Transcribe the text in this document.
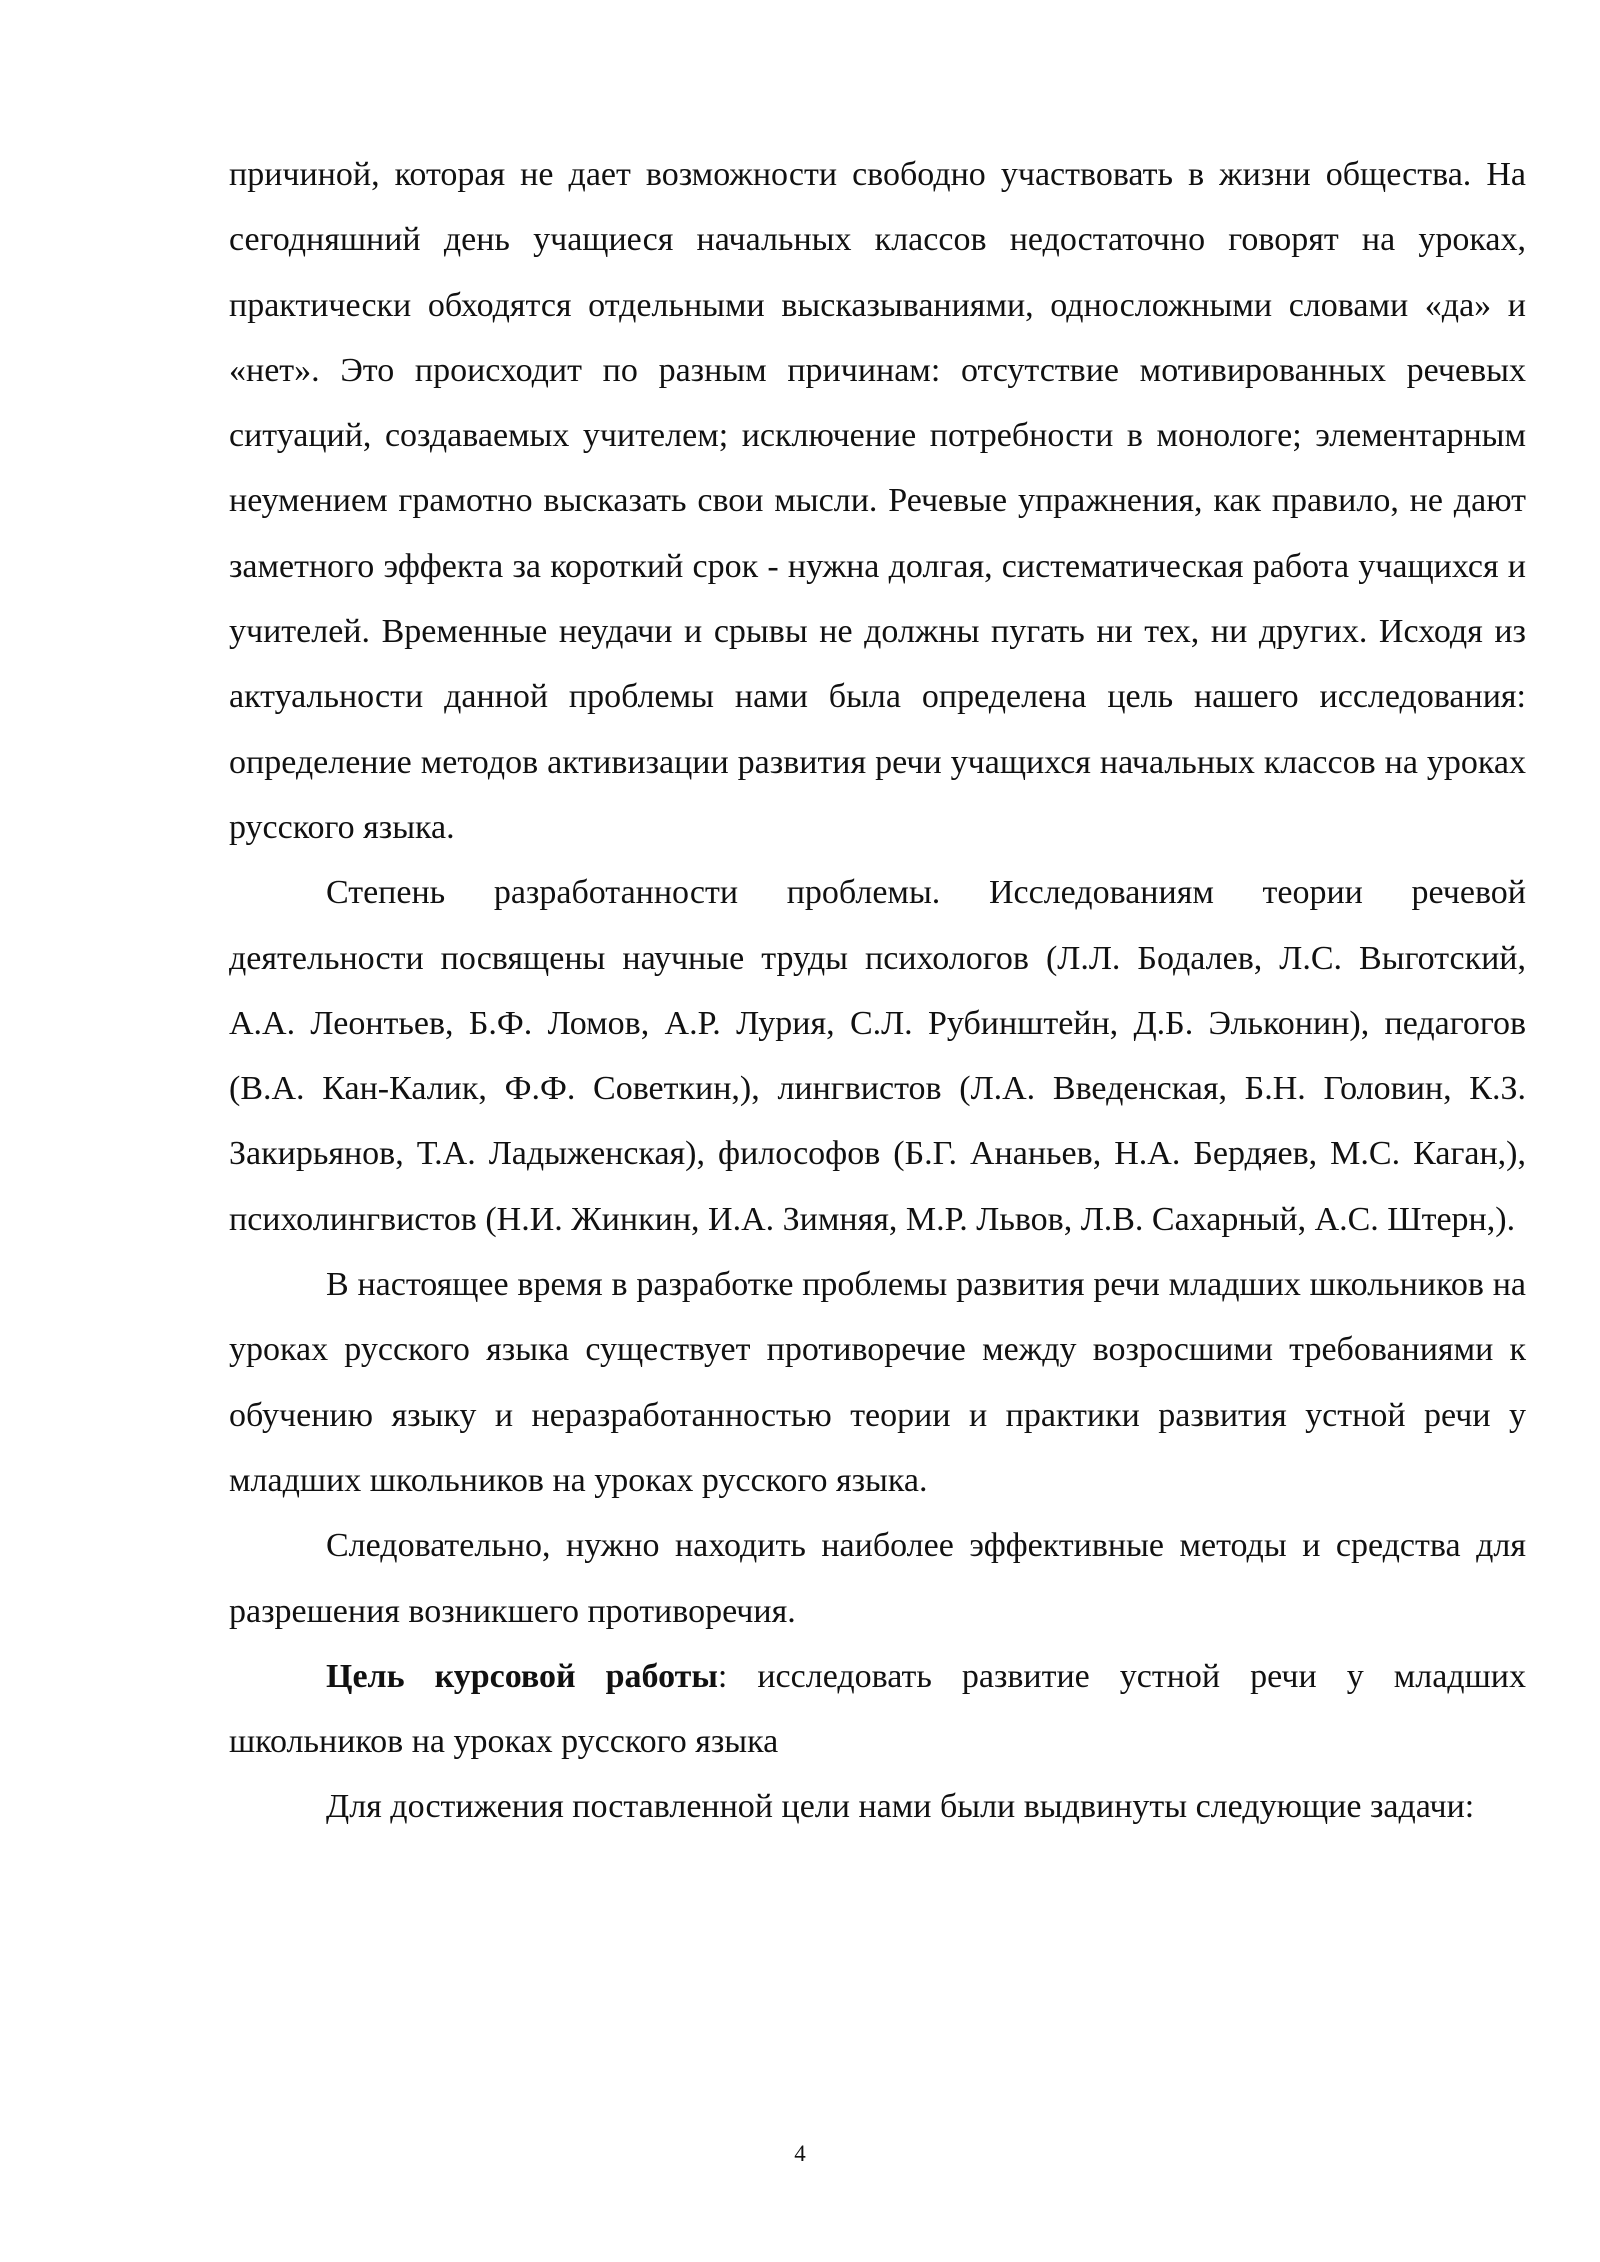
причиной, которая не дает возможности свободно участвовать в жизни общества. На сегодняшний день учащиеся начальных классов недостаточно говорят на уроках, практически обходятся отдельными высказываниями, односложными словами «да» и «нет». Это происходит по разным причинам: отсутствие мотивированных речевых ситуаций, создаваемых учителем; исключение потребности в монологе; элементарным неумением грамотно высказать свои мысли. Речевые упражнения, как правило, не дают заметного эффекта за короткий срок - нужна долгая, систематическая работа учащихся и учителей. Временные неудачи и срывы не должны пугать ни тех, ни других. Исходя из актуальности данной проблемы нами была определена цель нашего исследования: определение методов активизации развития речи учащихся начальных классов на уроках русского языка.

Степень разработанности проблемы. Исследованиям теории речевой деятельности посвящены научные труды психологов (Л.Л. Бодалев, Л.С. Выготский, А.А. Леонтьев, Б.Ф. Ломов, А.Р. Лурия, С.Л. Рубинштейн, Д.Б. Эльконин), педагогов (В.А. Кан-Калик, Ф.Ф. Советкин,), лингвистов (Л.А. Введенская, Б.Н. Головин, К.З. Закирьянов, Т.А. Ладыженская), философов (Б.Г. Ананьев, Н.А. Бердяев, М.С. Каган,), психолингвистов (Н.И. Жинкин, И.А. Зимняя, М.Р. Львов, Л.В. Сахарный, А.С. Штерн,).

В настоящее время в разработке проблемы развития речи младших школьников на уроках русского языка существует противоречие между возросшими требованиями к обучению языку и неразработанностью теории и практики развития устной речи у младших школьников на уроках русского языка.

Следовательно, нужно находить наиболее эффективные методы и средства для разрешения возникшего противоречия.

Цель курсовой работы: исследовать развитие устной речи у младших школьников на уроках русского языка

Для достижения поставленной цели нами были выдвинуты следующие задачи:

4
